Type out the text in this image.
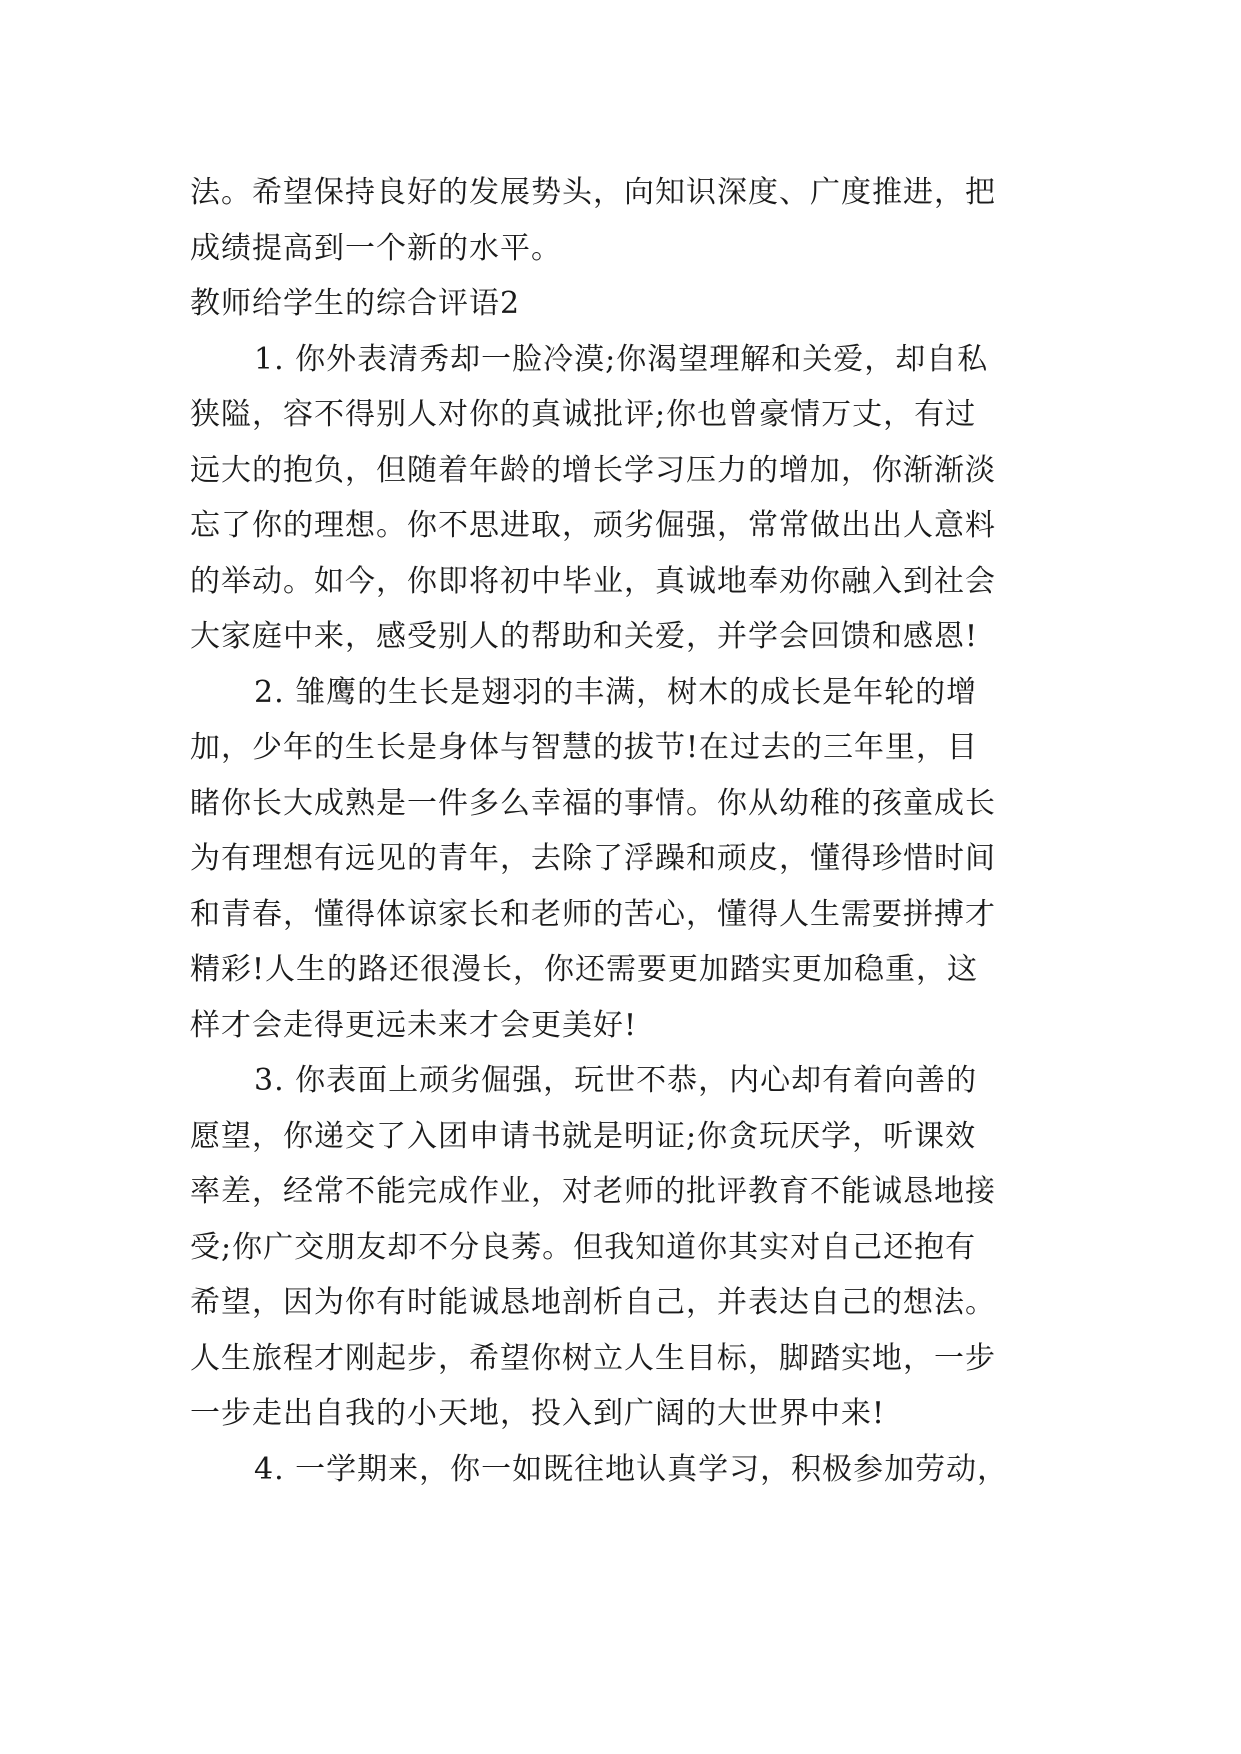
法。希望保持良好的发展势头，向知识深度、广度推进，把
成绩提高到一个新的水平。
教师给学生的综合评语2
1. 你外表清秀却一脸冷漠;你渴望理解和关爱，却自私
狭隘，容不得别人对你的真诚批评;你也曾豪情万丈，有过
远大的抱负，但随着年龄的增长学习压力的增加，你渐渐淡
忘了你的理想。你不思进取，顽劣倔强，常常做出出人意料
的举动。如今，你即将初中毕业，真诚地奉劝你融入到社会
大家庭中来，感受别人的帮助和关爱，并学会回馈和感恩!
2. 雏鹰的生长是翅羽的丰满，树木的成长是年轮的增
加，少年的生长是身体与智慧的拔节!在过去的三年里，目
睹你长大成熟是一件多么幸福的事情。你从幼稚的孩童成长
为有理想有远见的青年，去除了浮躁和顽皮，懂得珍惜时间
和青春，懂得体谅家长和老师的苦心，懂得人生需要拼搏才
精彩!人生的路还很漫长，你还需要更加踏实更加稳重，这
样才会走得更远未来才会更美好!
3. 你表面上顽劣倔强，玩世不恭，内心却有着向善的
愿望，你递交了入团申请书就是明证;你贪玩厌学，听课效
率差，经常不能完成作业，对老师的批评教育不能诚恳地接
受;你广交朋友却不分良莠。但我知道你其实对自己还抱有
希望，因为你有时能诚恳地剖析自己，并表达自己的想法。
人生旅程才刚起步，希望你树立人生目标，脚踏实地，一步
一步走出自我的小天地，投入到广阔的大世界中来!
4. 一学期来，你一如既往地认真学习，积极参加劳动，
